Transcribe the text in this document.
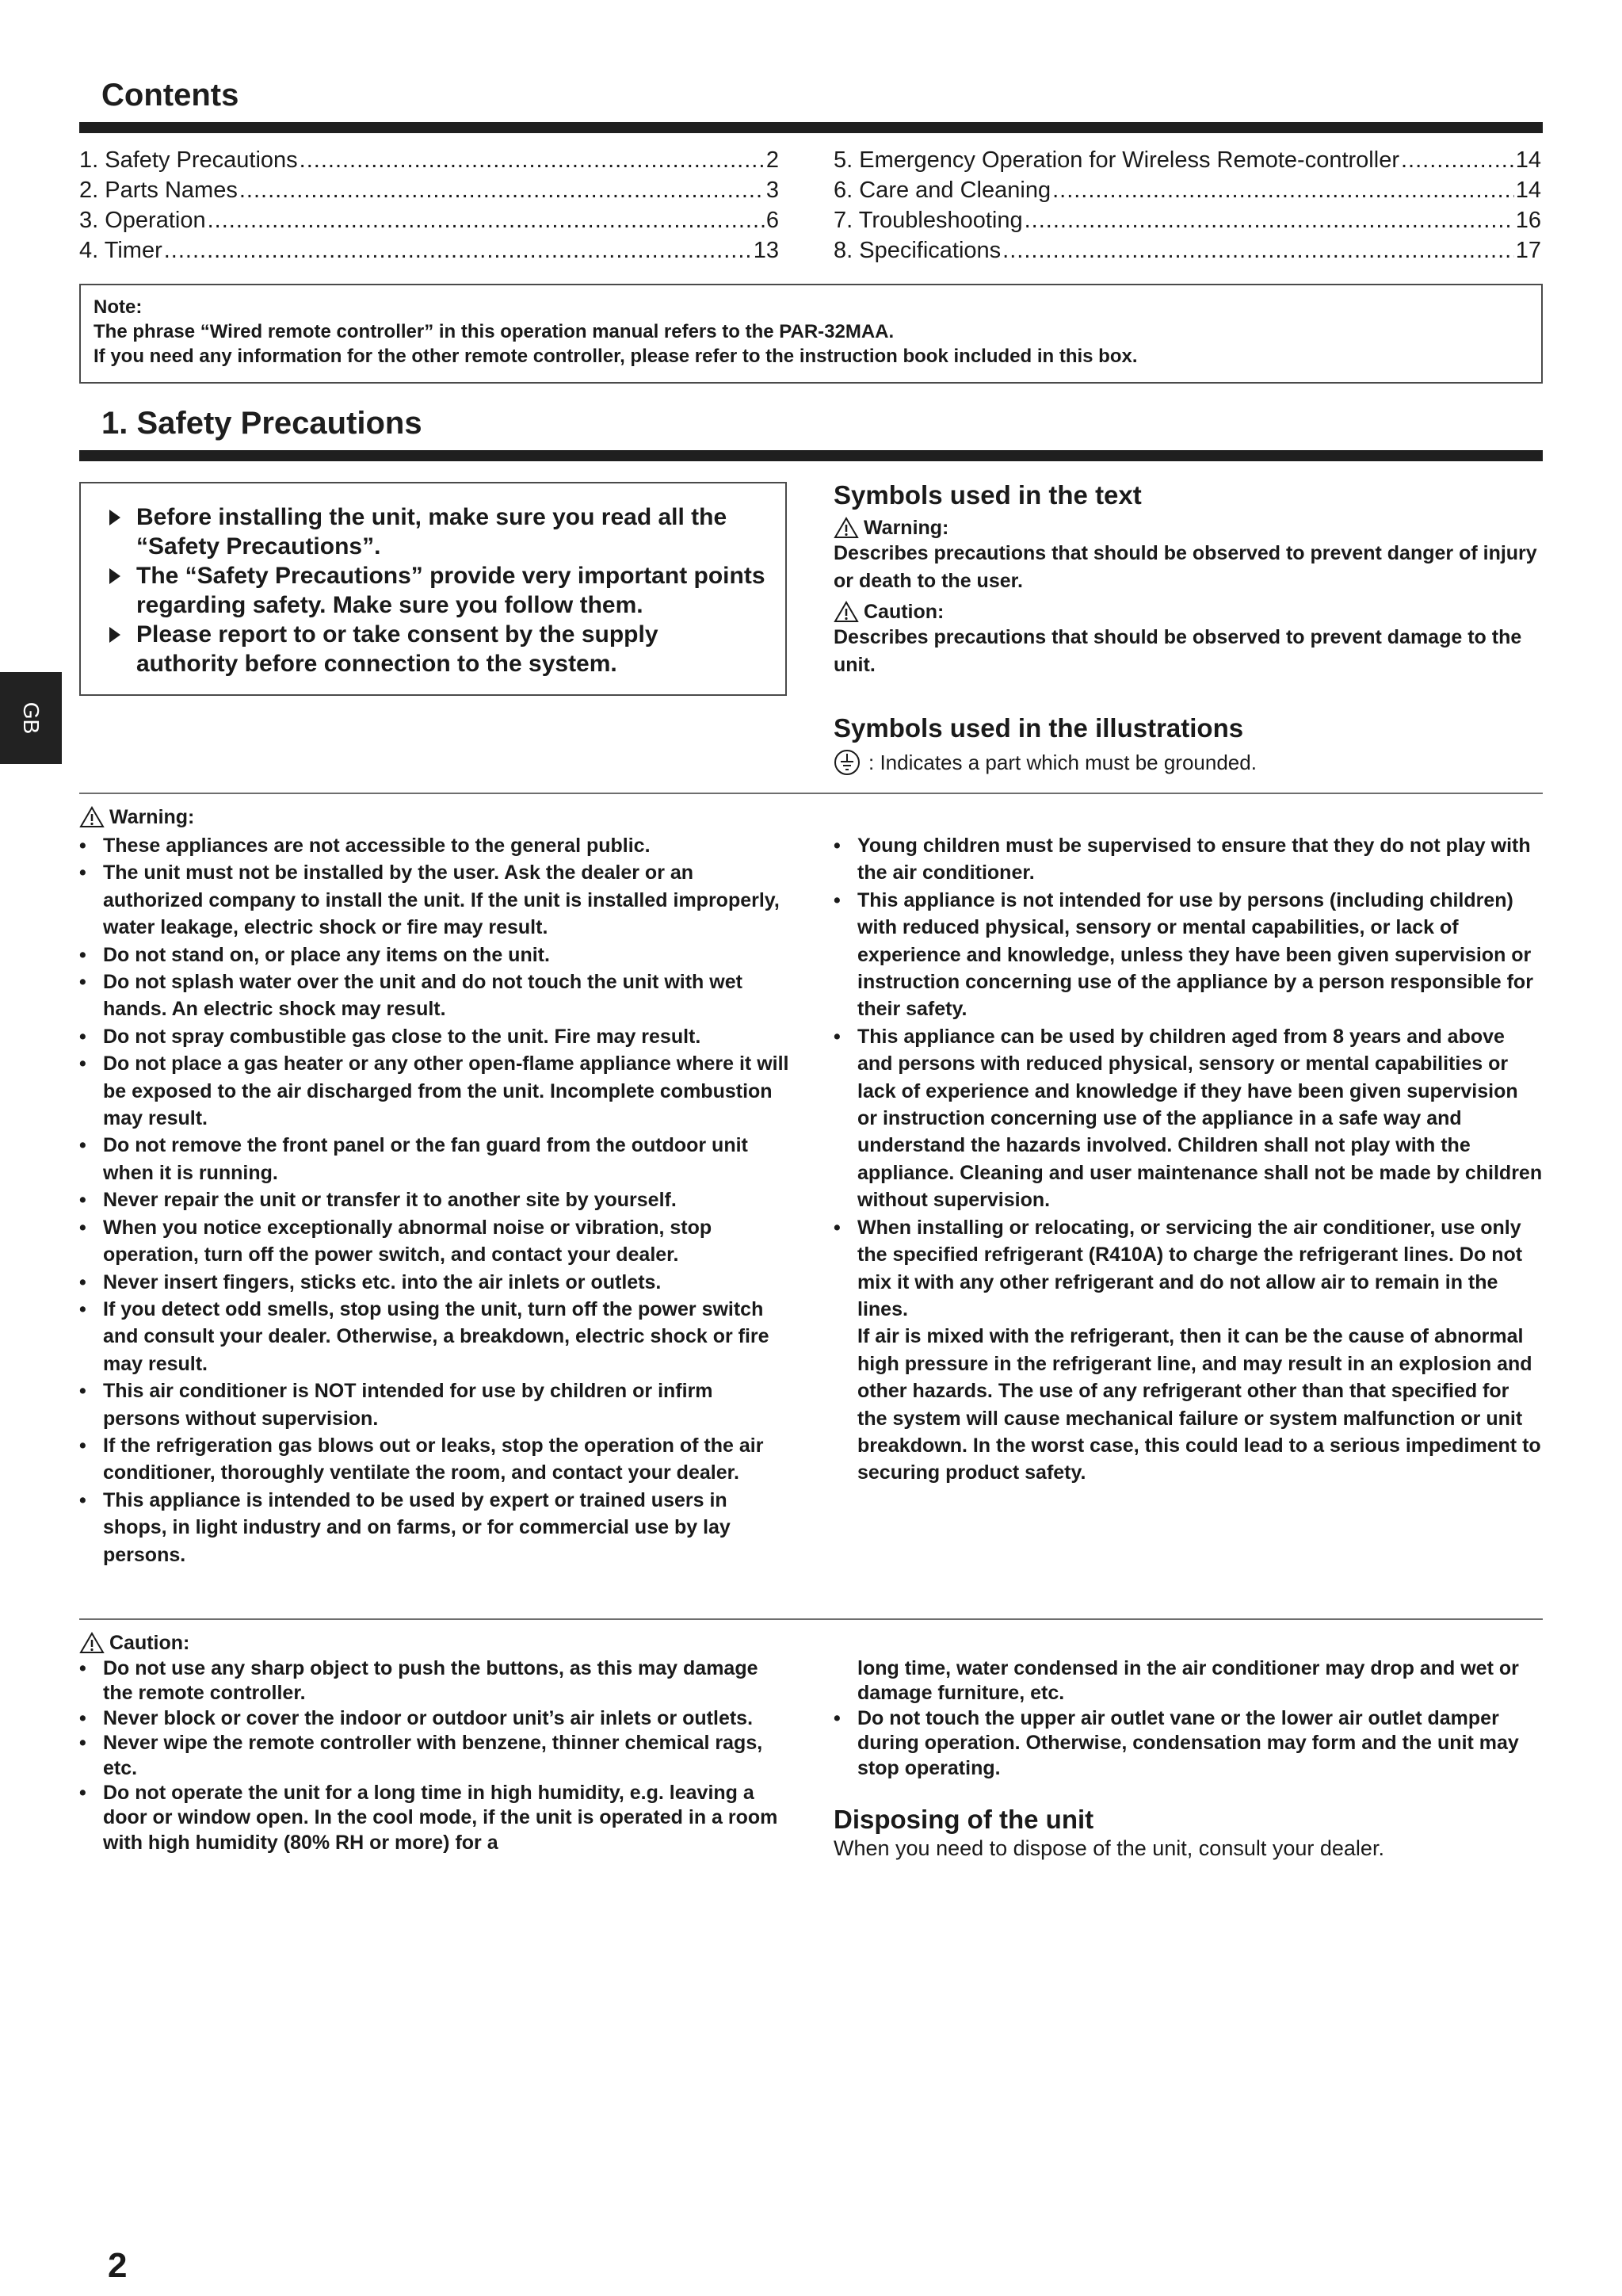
Contents
1. Safety Precautions .....	2
2. Parts Names .....	3
3. Operation .....	6
4. Timer .....	13
5. Emergency Operation for Wireless Remote-controller .....	14
6. Care and Cleaning .....	14
7. Troubleshooting .....	16
8. Specifications .....	17
Note:
The phrase “Wired remote controller” in this operation manual refers to the PAR-32MAA.
If you need any information for the other remote controller, please refer to the instruction book included in this box.
1. Safety Precautions
Before installing the unit, make sure you read all the “Safety Precautions”.
The “Safety Precautions” provide very important points regarding safety. Make sure you follow them.
Please report to or take consent by the supply authority before connection to the system.
Symbols used in the text
Warning:

Describes precautions that should be observed to prevent danger of injury or death to the user.

Caution:

Describes precautions that should be observed to prevent damage to the unit.

GB	Symbols used in the illustrations
: Indicates a part which must be grounded.
Warning:
• These appliances are not accessible to the general public.
• The unit must not be installed by the user. Ask the dealer or an authorized company to install the unit. If the unit is installed improperly, water leakage, electric shock or fire may result.
• Do not stand on, or place any items on the unit.
• Do not splash water over the unit and do not touch the unit with wet hands. An electric shock may result.
• Do not spray combustible gas close to the unit. Fire may result.
• Do not place a gas heater or any other open-flame appliance where it will be exposed to the air discharged from the unit. Incomplete combustion may result.
• Do not remove the front panel or the fan guard from the outdoor unit when it is running.
• Never repair the unit or transfer it to another site by yourself.
• When you notice exceptionally abnormal noise or vibration, stop operation, turn off the power switch, and contact your dealer.
• Never insert fingers, sticks etc. into the air inlets or outlets.
• If you detect odd smells, stop using the unit, turn off the power switch and consult your dealer. Otherwise, a breakdown, electric shock or fire may result.
• This air conditioner is NOT intended for use by children or infirm persons without supervision.
• If the refrigeration gas blows out or leaks, stop the operation of the air conditioner, thoroughly ventilate the room, and contact your dealer.
• This appliance is intended to be used by expert or trained users in shops, in light industry and on farms, or for commercial use by lay persons.
• Young children must be supervised to ensure that they do not play with the air conditioner.
• This appliance is not intended for use by persons (including children) with reduced physical, sensory or mental capabilities, or lack of experience and knowledge, unless they have been given supervision or instruction concerning use of the appliance by a person responsible for their safety.
• This appliance can be used by children aged from 8 years and above and persons with reduced physical, sensory or mental capabilities or lack of experience and knowledge if they have been given supervision or instruction concerning use of the appliance in a safe way and understand the hazards involved. Children shall not play with the appliance. Cleaning and user maintenance shall not be made by children without supervision.
• When installing or relocating, or servicing the air conditioner, use only the specified refrigerant (R410A) to charge the refrigerant lines. Do not mix it with any other refrigerant and do not allow air to remain in the lines.
If air is mixed with the refrigerant, then it can be the cause of abnormal high pressure in the refrigerant line, and may result in an explosion and other hazards. The use of any refrigerant other than that specified for the system will cause mechanical failure or system malfunction or unit breakdown. In the worst case, this could lead to a serious impediment to securing product safety.
Caution:
• Do not use any sharp object to push the buttons, as this may damage the remote controller.
• Never block or cover the indoor or outdoor unit’s air inlets or outlets.
• Never wipe the remote controller with benzene, thinner chemical rags, etc.
• Do not operate the unit for a long time in high humidity, e.g. leaving a door or window open. In the cool mode, if the unit is operated in a room with high humidity (80% RH or more) for a
long time, water condensed in the air conditioner may drop and wet or damage furniture, etc.
• Do not touch the upper air outlet vane or the lower air outlet damper during operation. Otherwise, condensation may form and the unit may stop operating.
Disposing of the unit

When you need to dispose of the unit, consult your dealer.

2
